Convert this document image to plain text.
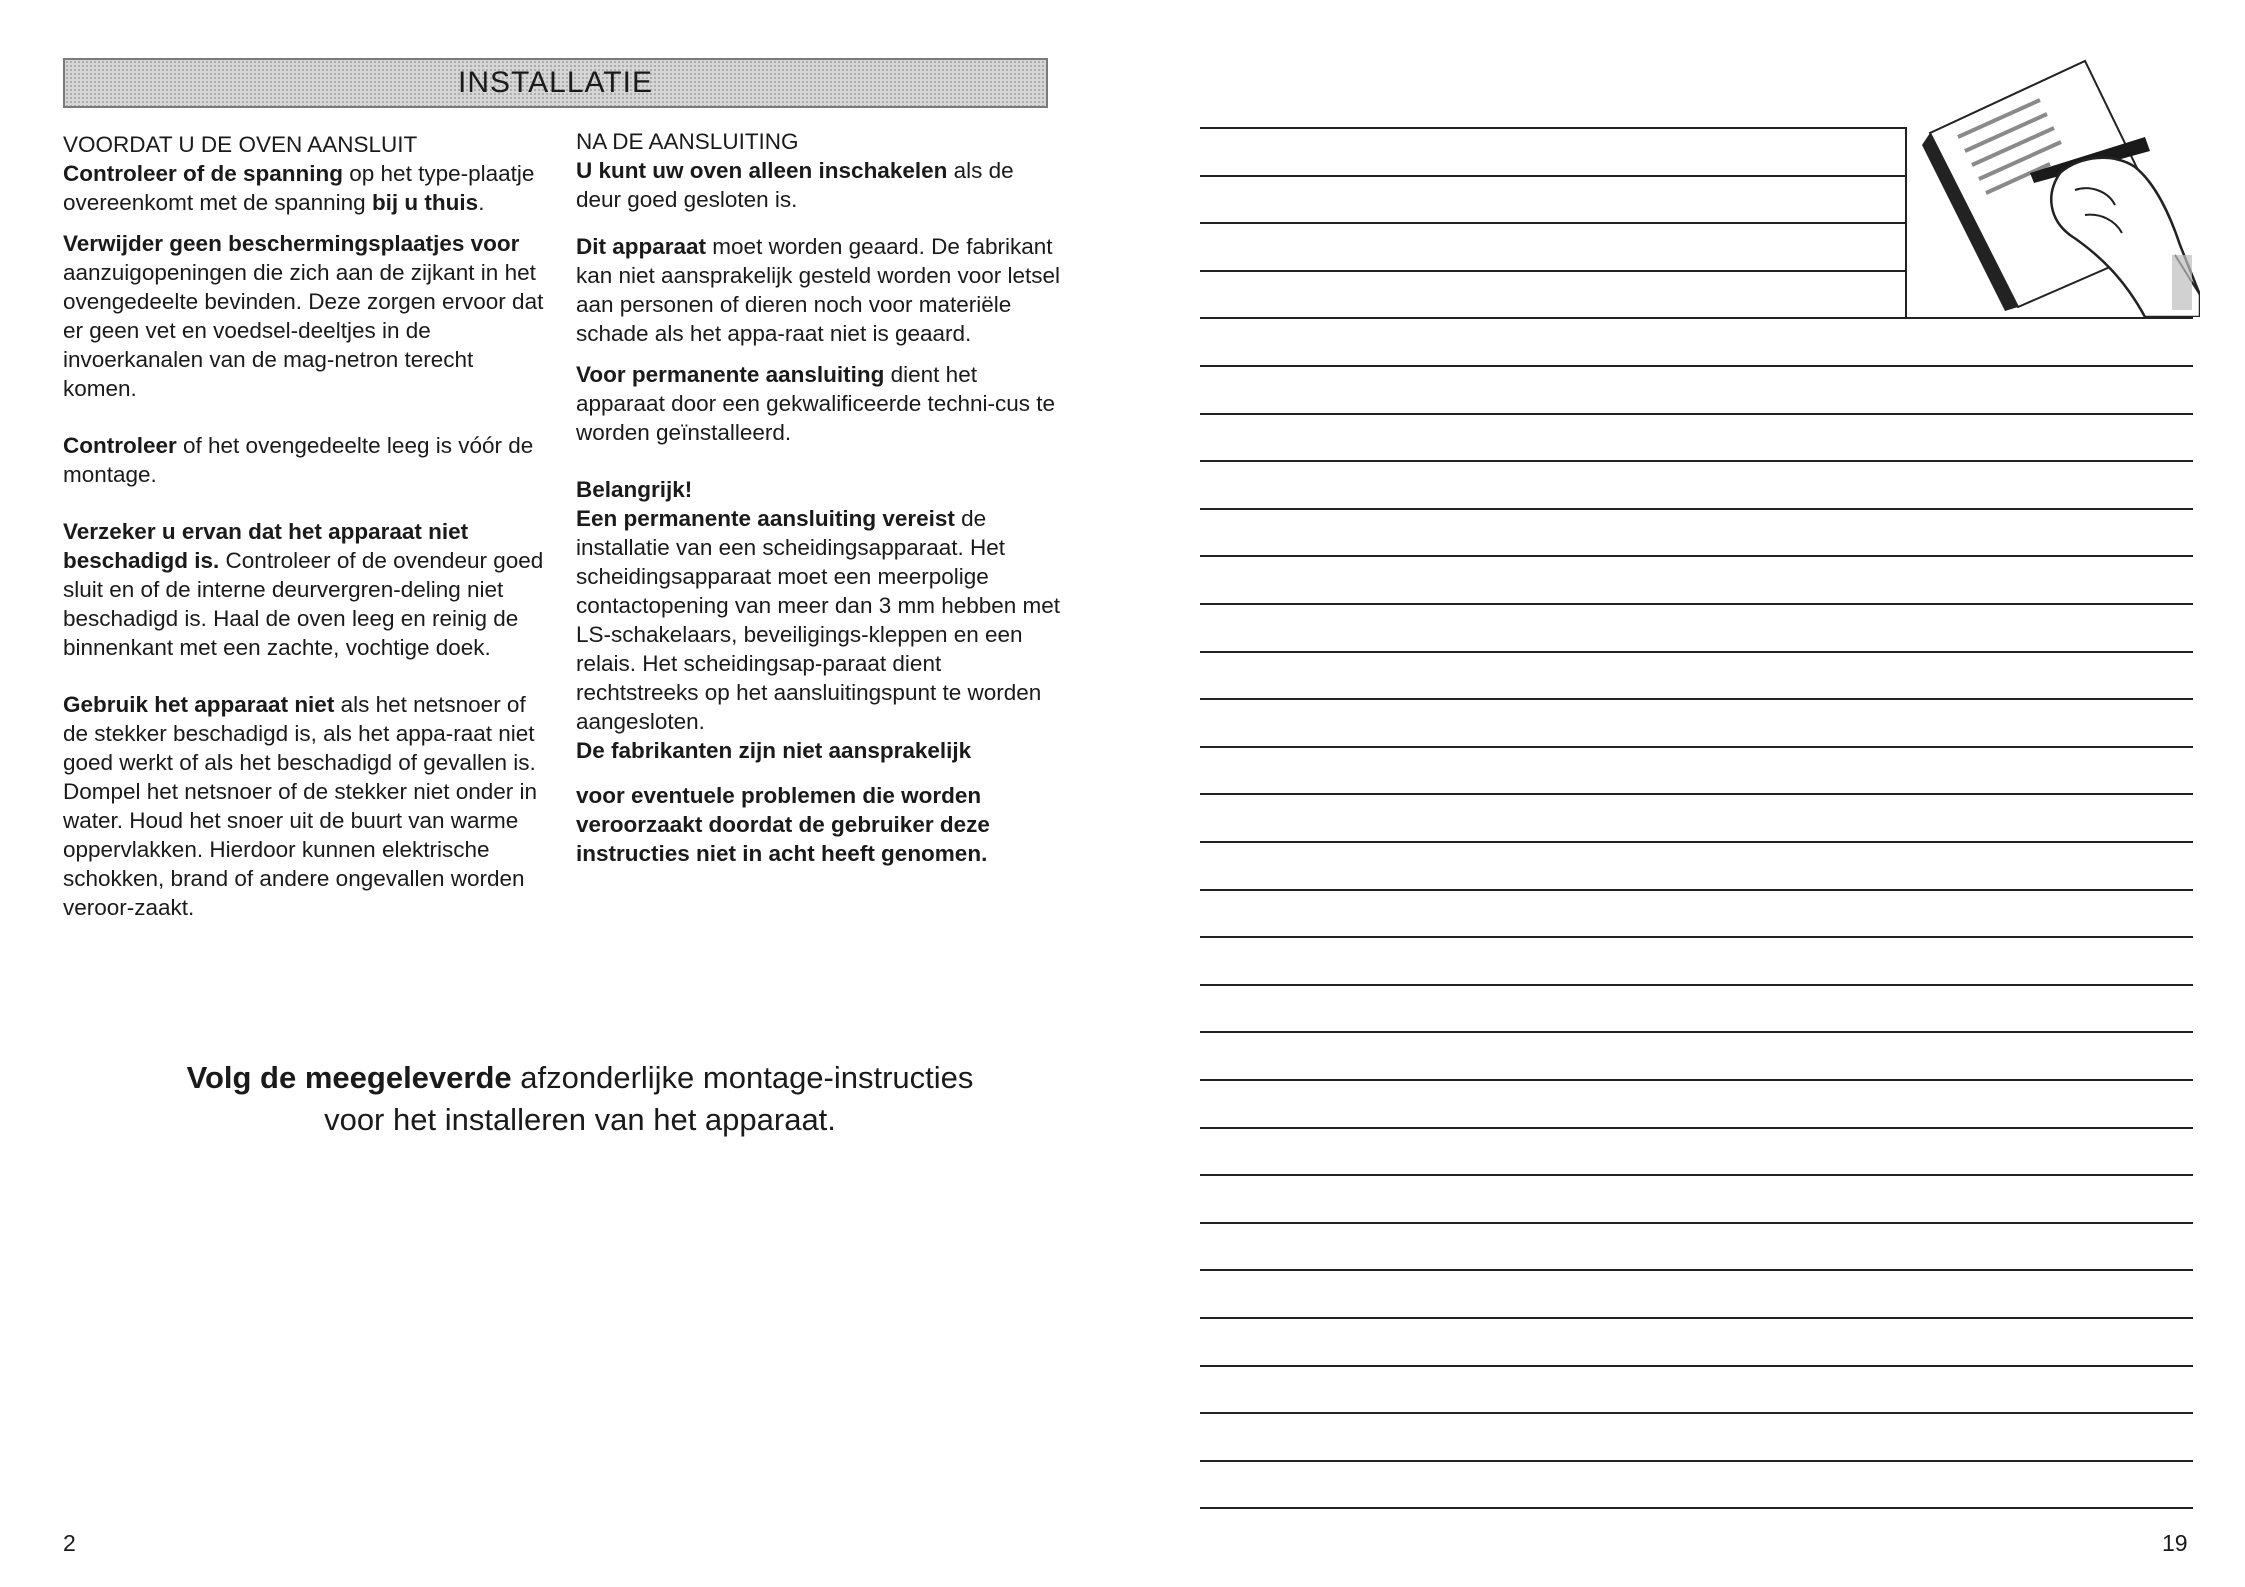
INSTALLATIE

VOORDAT U DE OVEN AANSLUIT

Controleer of de spanning op het type-plaatje overeenkomt met de spanning bij u thuis.

Verwijder geen beschermingsplaatjes voor aanzuigopeningen die zich aan de zijkant in het ovengedeelte bevinden. Deze zorgen ervoor dat er geen vet en voedsel-deeltjes in de invoerkanalen van de mag-netron terecht komen.

Controleer of het ovengedeelte leeg is vóór de montage.

Verzeker u ervan dat het apparaat niet beschadigd is. Controleer of de ovendeur goed sluit en of de interne deurvergren-deling niet beschadigd is. Haal de oven leeg en reinig de binnenkant met een zachte, vochtige doek.

Gebruik het apparaat niet als het netsnoer of de stekker beschadigd is, als het appa-raat niet goed werkt of als het beschadigd of gevallen is. Dompel het netsnoer of de stekker niet onder in water. Houd het snoer uit de buurt van warme oppervlakken. Hierdoor kunnen elektrische schokken, brand of andere ongevallen worden veroor-zaakt.

NA DE AANSLUITING

U kunt uw oven alleen inschakelen als de deur goed gesloten is.

Dit apparaat moet worden geaard. De fabrikant kan niet aansprakelijk gesteld worden voor letsel aan personen of dieren noch voor materiële schade als het appa-raat niet is geaard.

Voor permanente aansluiting dient het apparaat door een gekwalificeerde techni-cus te worden geïnstalleerd.

Belangrijk!
Een permanente aansluiting vereist de installatie van een scheidingsapparaat. Het scheidingsapparaat moet een meerpolige contactopening van meer dan 3 mm hebben met LS-schakelaars, beveiligings-kleppen en een relais. Het scheidingsap-paraat dient rechtstreeks op het aansluitingspunt te worden aangesloten.
De fabrikanten zijn niet aansprakelijk

voor eventuele problemen die worden veroorzaakt doordat de gebruiker deze instructies niet in acht heeft genomen.

Volg de meegeleverde afzonderlijke montage-instructies voor het installeren van het apparaat.
2	19
